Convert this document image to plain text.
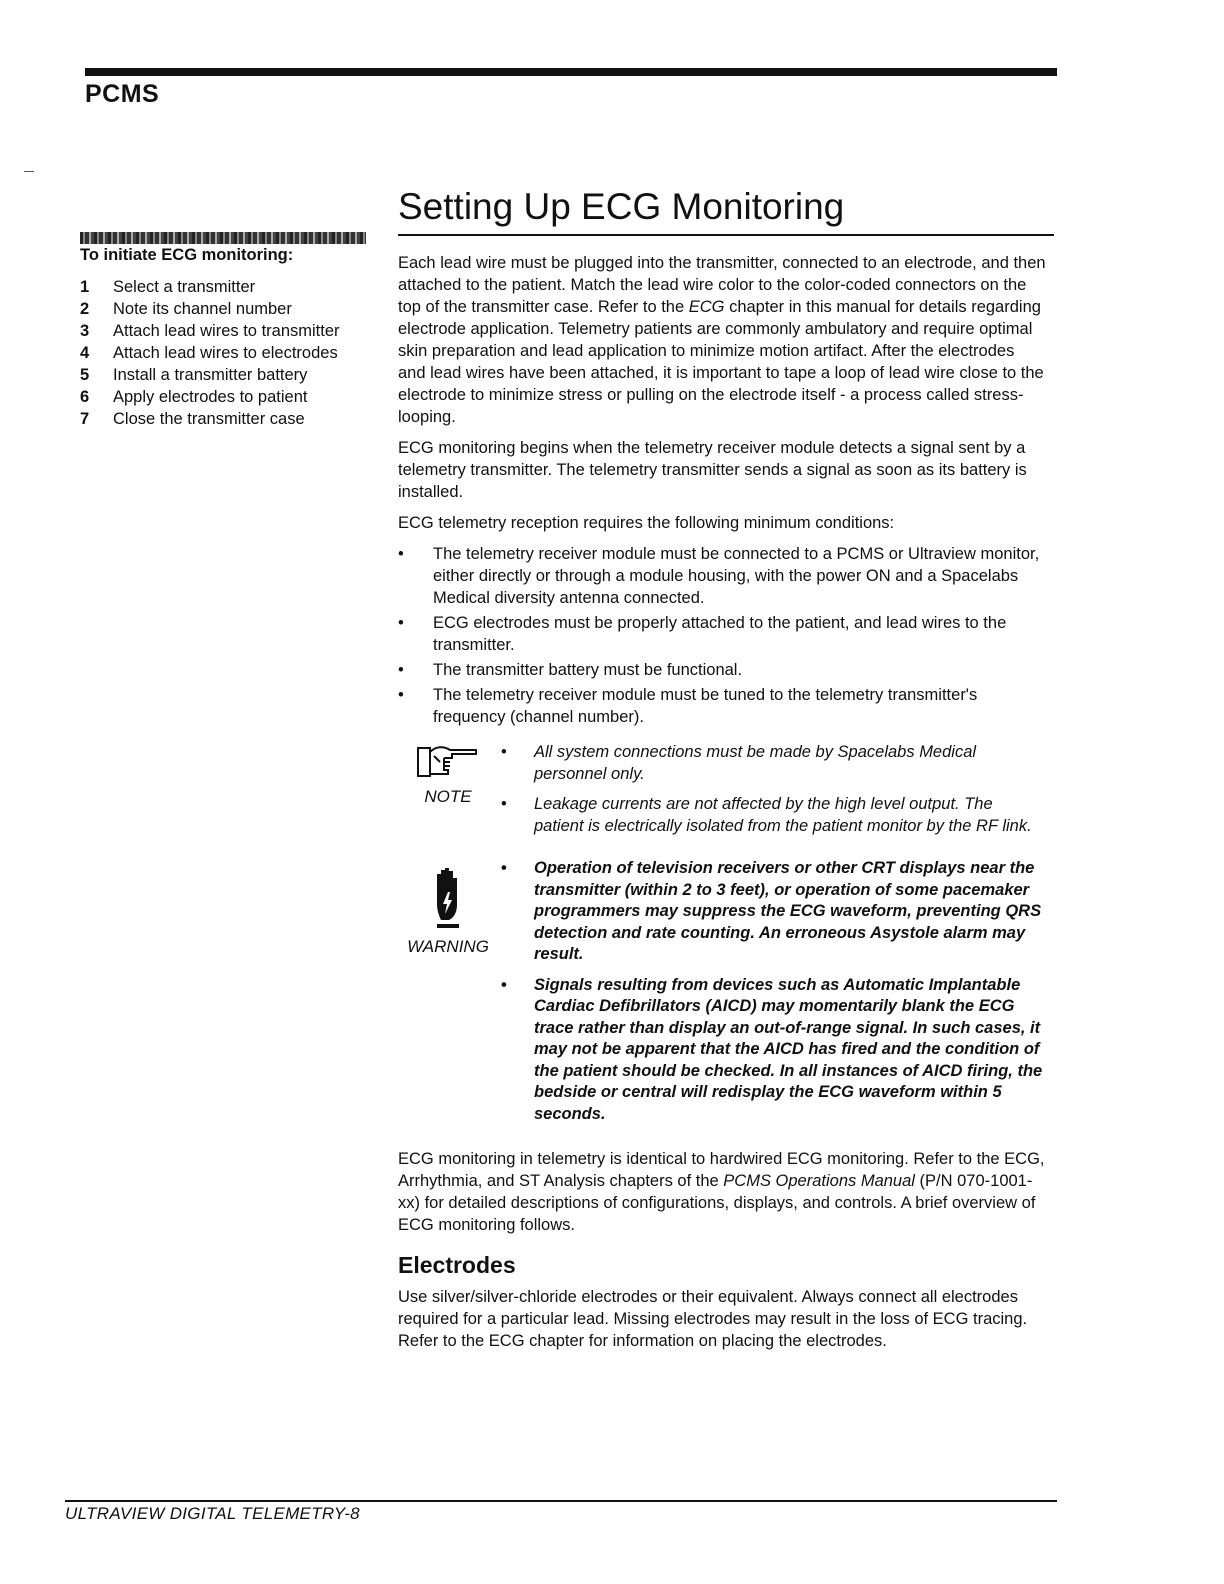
PCMS
To initiate ECG monitoring:
1	Select a transmitter
2	Note its channel number
3	Attach lead wires to transmitter
4	Attach lead wires to electrodes
5	Install a transmitter battery
6	Apply electrodes to patient
7	Close the transmitter case
Setting Up ECG Monitoring

Each lead wire must be plugged into the transmitter, connected to an electrode, and then attached to the patient. Match the lead wire color to the color-coded connectors on the top of the transmitter case. Refer to the ECG chapter in this manual for details regarding electrode application. Telemetry patients are commonly ambulatory and require optimal skin preparation and lead application to minimize motion artifact. After the electrodes and lead wires have been attached, it is important to tape a loop of lead wire close to the electrode to minimize stress or pulling on the electrode itself - a process called stress-looping.

ECG monitoring begins when the telemetry receiver module detects a signal sent by a telemetry transmitter. The telemetry transmitter sends a signal as soon as its battery is installed.

ECG telemetry reception requires the following minimum conditions:

• The telemetry receiver module must be connected to a PCMS or Ultraview monitor, either directly or through a module housing, with the power ON and a Spacelabs Medical diversity antenna connected.
• ECG electrodes must be properly attached to the patient, and lead wires to the transmitter.
• The transmitter battery must be functional.
• The telemetry receiver module must be tuned to the telemetry transmitter's frequency (channel number).
NOTE
• All system connections must be made by Spacelabs Medical personnel only.
• Leakage currents are not affected by the high level output. The patient is electrically isolated from the patient monitor by the RF link.
WARNING
• Operation of television receivers or other CRT displays near the transmitter (within 2 to 3 feet), or operation of some pacemaker programmers may suppress the ECG waveform, preventing QRS detection and rate counting. An erroneous Asystole alarm may result.
• Signals resulting from devices such as Automatic Implantable Cardiac Defibrillators (AICD) may momentarily blank the ECG trace rather than display an out-of-range signal. In such cases, it may not be apparent that the AICD has fired and the condition of the patient should be checked. In all instances of AICD firing, the bedside or central will redisplay the ECG waveform within 5 seconds.

ECG monitoring in telemetry is identical to hardwired ECG monitoring. Refer to the ECG, Arrhythmia, and ST Analysis chapters of the PCMS Operations Manual (P/N 070-1001-xx) for detailed descriptions of configurations, displays, and controls. A brief overview of ECG monitoring follows.

Electrodes

Use silver/silver-chloride electrodes or their equivalent. Always connect all electrodes required for a particular lead. Missing electrodes may result in the loss of ECG tracing. Refer to the ECG chapter for information on placing the electrodes.

ULTRAVIEW DIGITAL TELEMETRY-8
